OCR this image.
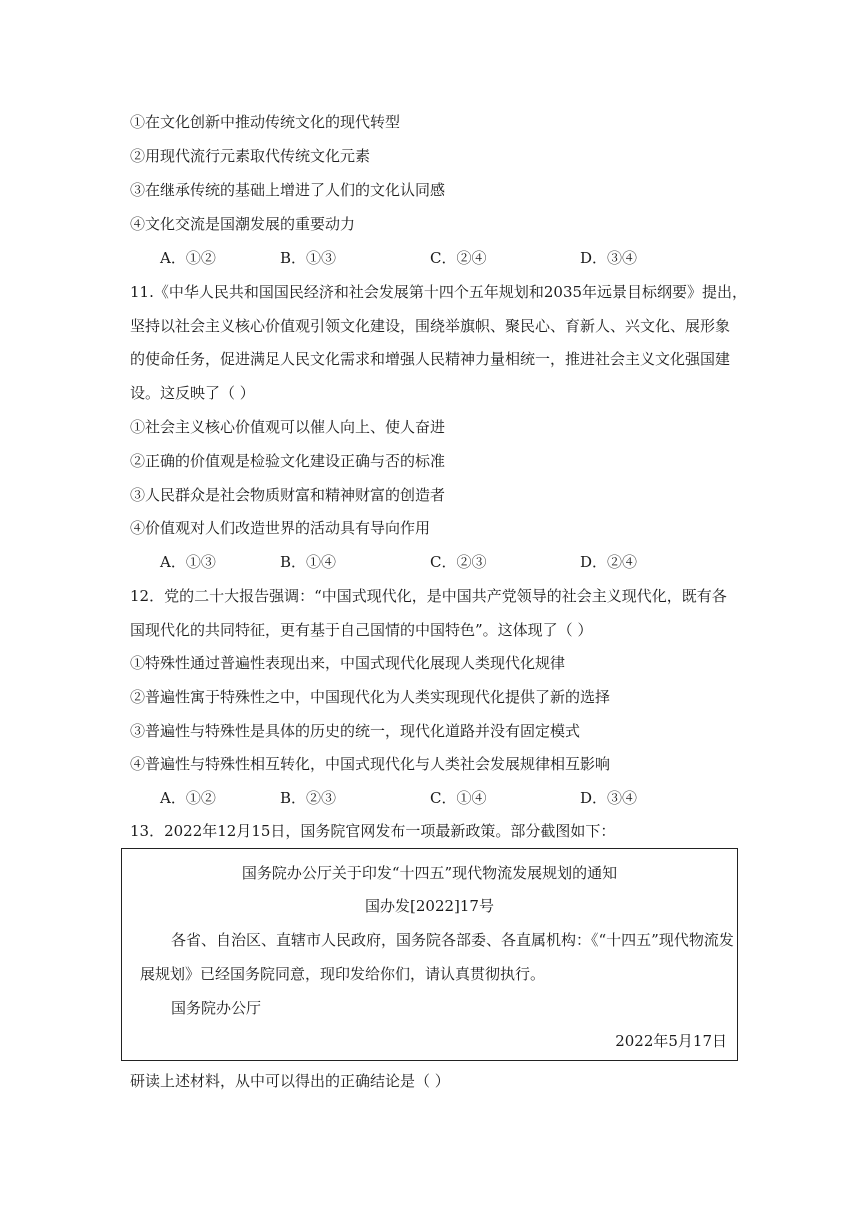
①在文化创新中推动传统文化的现代转型
②用现代流行元素取代传统文化元素
③在继承传统的基础上增进了人们的文化认同感
④文化交流是国潮发展的重要动力
A．①②	B．①③	C．②④	D．③④
11.《中华人民共和国国民经济和社会发展第十四个五年规划和2035年远景目标纲要》提出，
坚持以社会主义核心价值观引领文化建设，围绕举旗帜、聚民心、育新人、兴文化、展形象
的使命任务，促进满足人民文化需求和增强人民精神力量相统一，推进社会主义文化强国建
设。这反映了（ ）
①社会主义核心价值观可以催人向上、使人奋进
②正确的价值观是检验文化建设正确与否的标准
③人民群众是社会物质财富和精神财富的创造者
④价值观对人们改造世界的活动具有导向作用
A．①③	B．①④	C．②③	D．②④
12．党的二十大报告强调：“中国式现代化，是中国共产党领导的社会主义现代化，既有各
国现代化的共同特征，更有基于自己国情的中国特色”。这体现了（ ）
①特殊性通过普遍性表现出来，中国式现代化展现人类现代化规律
②普遍性寓于特殊性之中，中国现代化为人类实现现代化提供了新的选择
③普遍性与特殊性是具体的历史的统一，现代化道路并没有固定模式
④普遍性与特殊性相互转化，中国式现代化与人类社会发展规律相互影响
A．①②	B．②③	C．①④	D．③④
13．2022年12月15日，国务院官网发布一项最新政策。部分截图如下：
国务院办公厅关于印发“十四五”现代物流发展规划的通知
国办发[2022]17号
各省、自治区、直辖市人民政府，国务院各部委、各直属机构：《“十四五”现代物流发
展规划》已经国务院同意，现印发给你们，请认真贯彻执行。
国务院办公厅
2022年5月17日
研读上述材料，从中可以得出的正确结论是（ ）
